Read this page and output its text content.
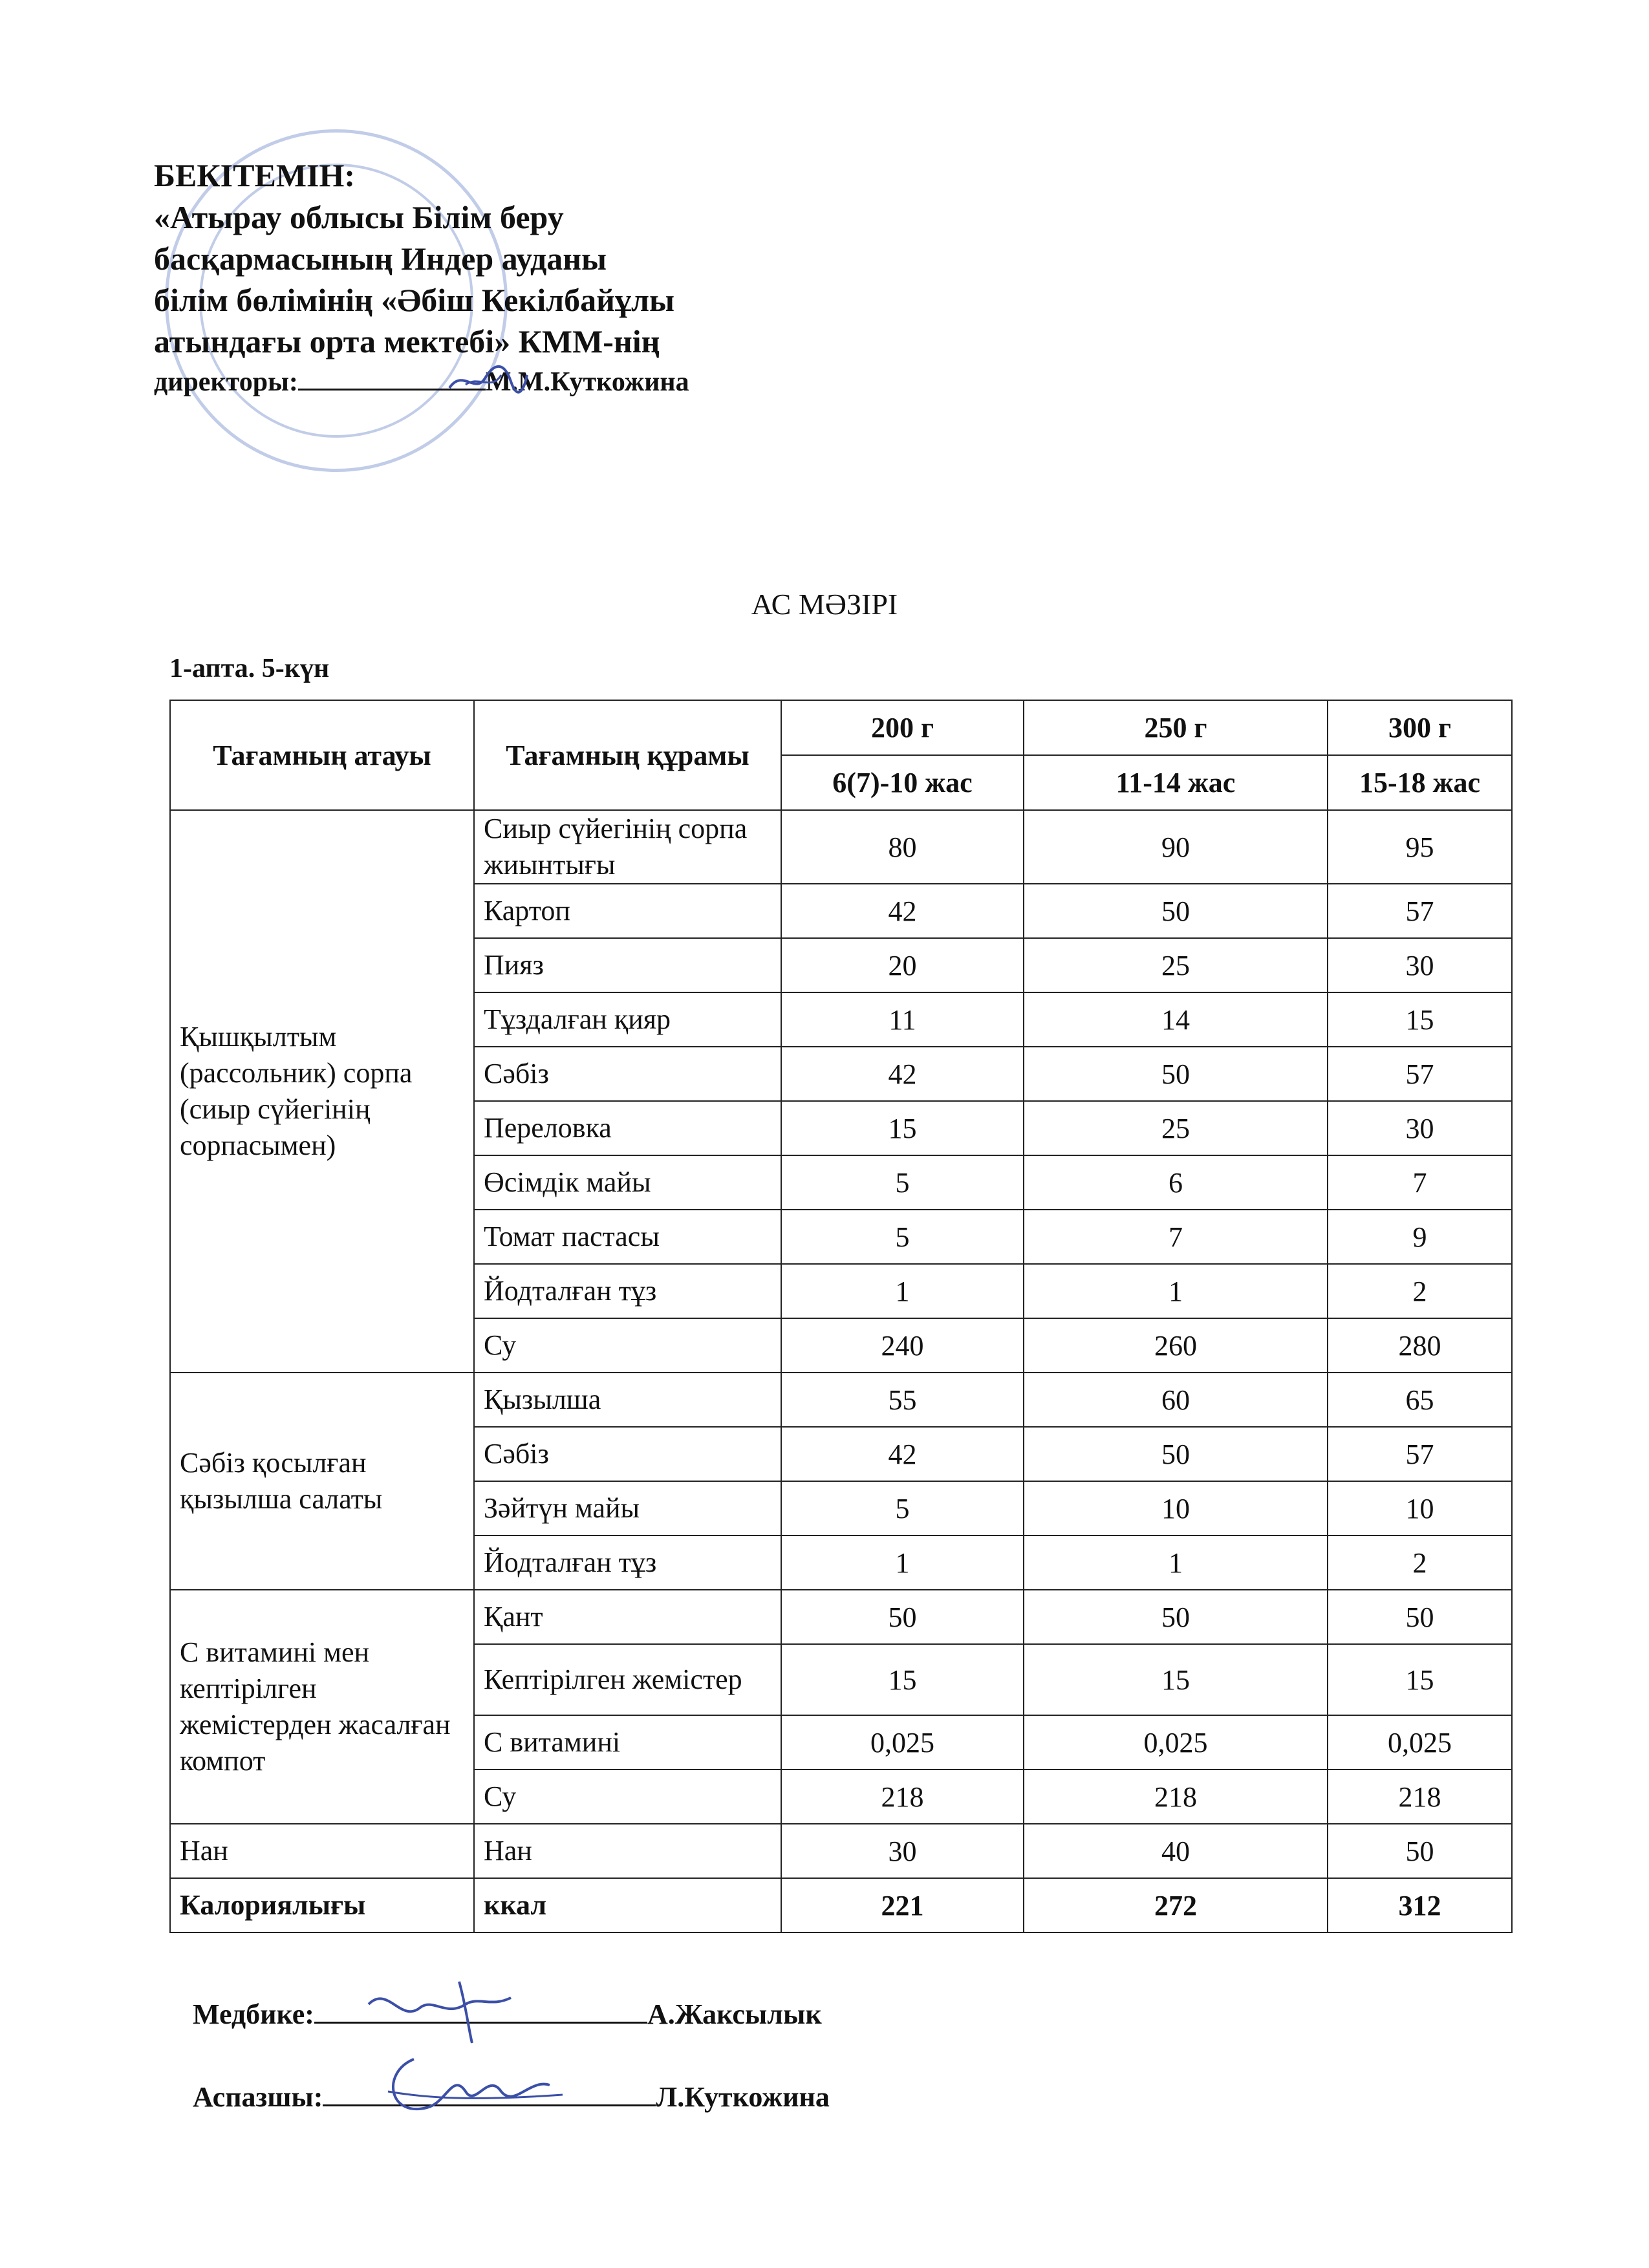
БЕКІТЕМІН:
«Атырау облысы Білім беру
басқармасының Индер ауданы
білім бөлімінің «Әбіш Кекілбайұлы
атындағы орта мектебі» КММ-нің
директоры:	М.М.Куткожина
АС МӘЗІРІ
1-апта. 5-күн
Тағамның атауы	Тағамның құрамы	200 г	250 г	300 г
		6(7)-10 жас	11-14 жас	15-18 жас
Қышқылтым (рассольник) сорпа (сиыр сүйегінің сорпасымен)	Сиыр сүйегінің сорпа жиынтығы	80	90	95
	Картоп	42	50	57
	Пияз	20	25	30
	Тұздалған қияр	11	14	15
	Сәбіз	42	50	57
	Переловка	15	25	30
	Өсімдік майы	5	6	7
	Томат пастасы	5	7	9
	Йодталған тұз	1	1	2
	Су	240	260	280
Сәбіз қосылған қызылша салаты	Қызылша	55	60	65
	Сәбіз	42	50	57
	Зәйтүн майы	5	10	10
	Йодталған тұз	1	1	2
С витамині мен кептірілген жемістерден жасалған компот	Қант	50	50	50
	Кептірілген жемістер	15	15	15
	С витамині	0,025	0,025	0,025
	Су	218	218	218
Нан	Нан	30	40	50
Калориялығы	ккал	221	272	312
Медбике:	А.Жаксылык
Аспазшы:	Л.Куткожина
